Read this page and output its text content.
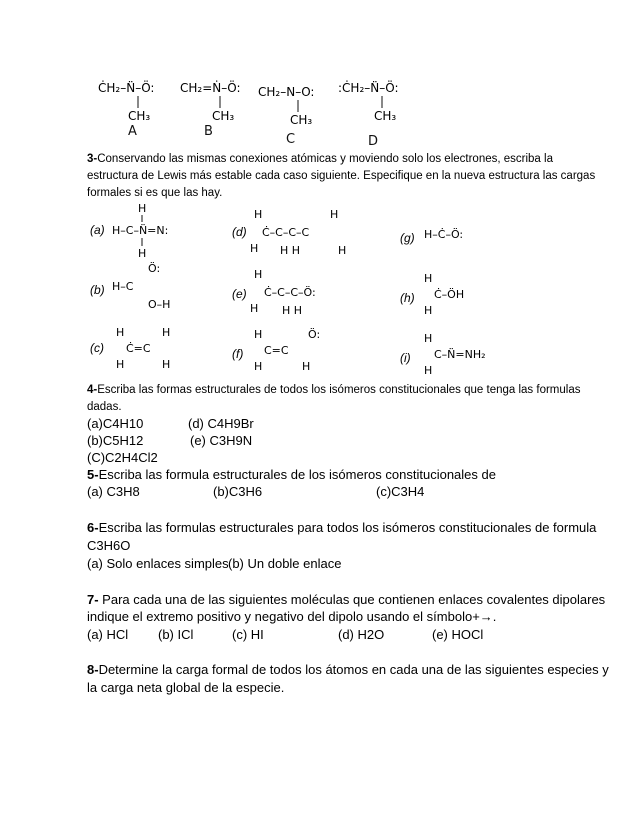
ĊH₂–N̈–Ö:
CH₃
A
CH₂=Ṅ–Ö:
CH₃
B
CH₂–N–O:
CH₃
C
:ĊH₂–N̈–Ö:
CH₃
D
3-Conservando las mismas conexiones atómicas y moviendo solo los electrones, escriba la
estructura de Lewis más estable cada caso siguiente. Especifique en la nueva estructura las cargas
formales si es que las hay.
(a)
H
H–C–N̈=N:
H
(d)
H	H
Ċ–C–C–C
H H H	H
(g) H–Ċ–Ö:
(b)
Ö:
H–C
O–H
(e)
H
Ċ–C–C–Ö:
H H H
(h)
H
Ċ–ÖH
H
(c)
H	H
Ċ=C
H	H
(f)
H	Ö:
C=C
H	H
(i)
H
C–N̈=NH₂
H
4-Escriba las formas estructurales de todos los isómeros constitucionales que tenga las formulas
dadas.
(a)C4H10	(d) C4H9Br
(b)C5H12	(e) C3H9N
(C)C2H4Cl2
5-Escriba las formula estructurales de los isómeros constitucionales de
(a) C3H8	(b)C3H6	(c)C3H4
6-Escriba las formulas estructurales para todos los isómeros constitucionales de formula
C3H6O
(a) Solo enlaces simples (b) Un doble enlace
7- Para cada una de las siguientes moléculas que contienen enlaces covalentes dipolares
indique el extremo positivo y negativo del dipolo usando el símbolo+→.
(a) HCl (b) ICl	(c) HI	(d) H2O	(e) HOCl
8-Determine la carga formal de todos los átomos en cada una de las siguientes especies y
la carga neta global de la especie.
